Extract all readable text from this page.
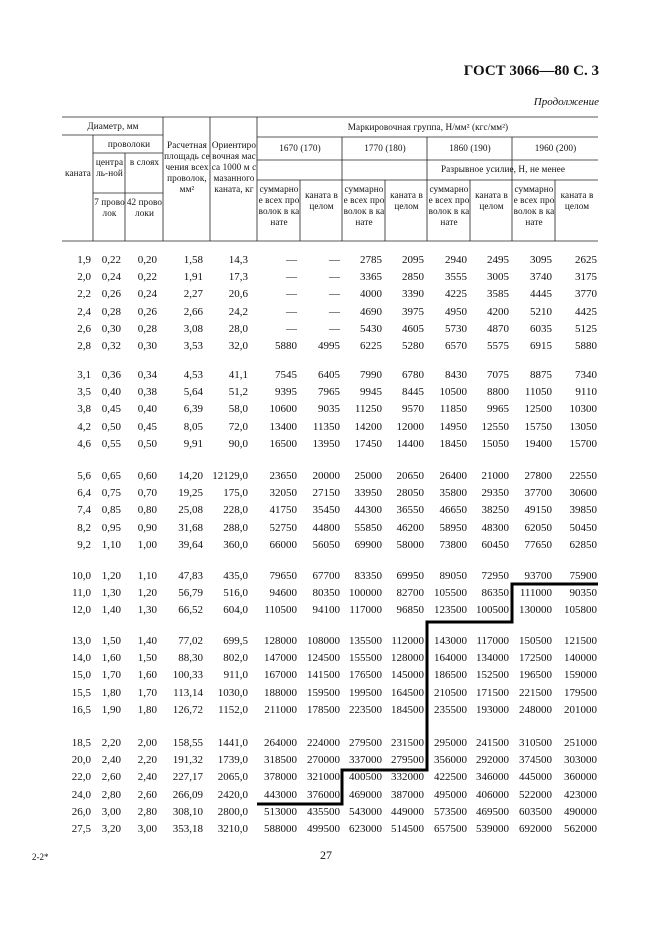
ГОСТ 3066—80 С. 3
Продолжение
Диаметр, мм
каната
проволоки
централь-ной
в слоях
7 проволок
42 проволоки
Расчетная площадь сечения всех проволок, мм²
Ориентировочная масса 1000 м смазанного каната, кг
Маркировочная группа, Н/мм² (кгс/мм²)
1670 (170)	1770 (180)	1860 (190)	1960 (200)
Разрывное усилие, Н, не менее
суммарное всех проволок в канате
каната в целом
суммарное всех проволок в канате
каната в целом
суммарное всех проволок в канате
каната в целом
суммарное всех проволок в канате
каната в целом
1,9 0,22	0,20	1,58	14,3	—	—	2785	2095	2940	2495	3095	2625
2,0 0,24	0,22	1,91	17,3	—	—	3365	2850	3555	3005	3740	3175
2,2 0,26	0,24	2,27	20,6	—	—	4000	3390	4225	3585	4445	3770
2,4 0,28	0,26	2,66	24,2	—	—	4690	3975	4950	4200	5210	4425
2,6 0,30	0,28	3,08	28,0	—	—	5430	4605	5730	4870	6035	5125
2,8 0,32	0,30	3,53	32,0	5880	4995	6225	5280	6570	5575	6915	5880
3,1 0,36	0,34	4,53	41,1	7545	6405	7990	6780	8430	7075	8875	7340
3,5 0,40	0,38	5,64	51,2	9395	7965	9945	8445	10500	8800	11050	9110
3,8 0,45	0,40	6,39	58,0	10600	9035	11250	9570	11850	9965	12500	10300
4,2 0,50	0,45	8,05	72,0	13400	11350	14200	12000	14950	12550	15750	13050
4,6 0,55	0,50	9,91	90,0	16500	13950	17450	14400	18450	15050	19400	15700
5,6 0,65	0,60	14,20 12129,0	23650	20000	25000	20650	26400	21000	27800	22550
6,4 0,75	0,70	19,25	175,0	32050	27150	33950	28050	35800	29350	37700	30600
7,4 0,85	0,80	25,08	228,0	41750	35450	44300	36550	46650	38250	49150	39850
8,2 0,95	0,90	31,68	288,0	52750	44800	55850	46200	58950	48300	62050	50450
9,2 1,10	1,00	39,64	360,0	66000	56050	69900	58000	73800	60450	77650	62850
10,0 1,20	1,10	47,83	435,0	79650	67700	83350	69950	89050	72950	93700	75900
11,0 1,30	1,20	56,79	516,0	94600	80350 100000	82700 105500	86350 111000	90350
12,0 1,40	1,30	66,52	604,0	110500	94100 117000	96850 123500 100500 130000	105800
13,0 1,50	1,40	77,02	699,5	128000 108000 135500 112000 143000 117000 150500	121500
14,0 1,60	1,50	88,30	802,0	147000 124500 155500 128000 164000 134000 172500	140000
15,0 1,70	1,60	100,33	911,0	167000 141500 176500 145000 186500 152500 196500	159000
15,5 1,80	1,70	113,14	1030,0	188000 159500 199500 164500 210500 171500 221500	179500
16,5 1,90	1,80	126,72	1152,0	211000 178500 223500 184500 235500 193000 248000	201000
18,5 2,20	2,00	158,55	1441,0	264000 224000 279500 231500 295000 241500 310500	251000
20,0 2,40	2,20	191,32	1739,0	318500 270000 337000 279500 356000 292000 374500	303000
22,0 2,60	2,40	227,17	2065,0	378000 321000 400500 332000 422500 346000 445000	360000
24,0 2,80	2,60	266,09	2420,0	443000 376000 469000 387000 495000 406000 522000	423000
26,0 3,00	2,80	308,10	2800,0	513000 435500 543000 449000 573500 469500 603500	490000
27,5 3,20	3,00	353,18	3210,0	588000 499500 623000 514500 657500 539000 692000	562000
2-2*	27
